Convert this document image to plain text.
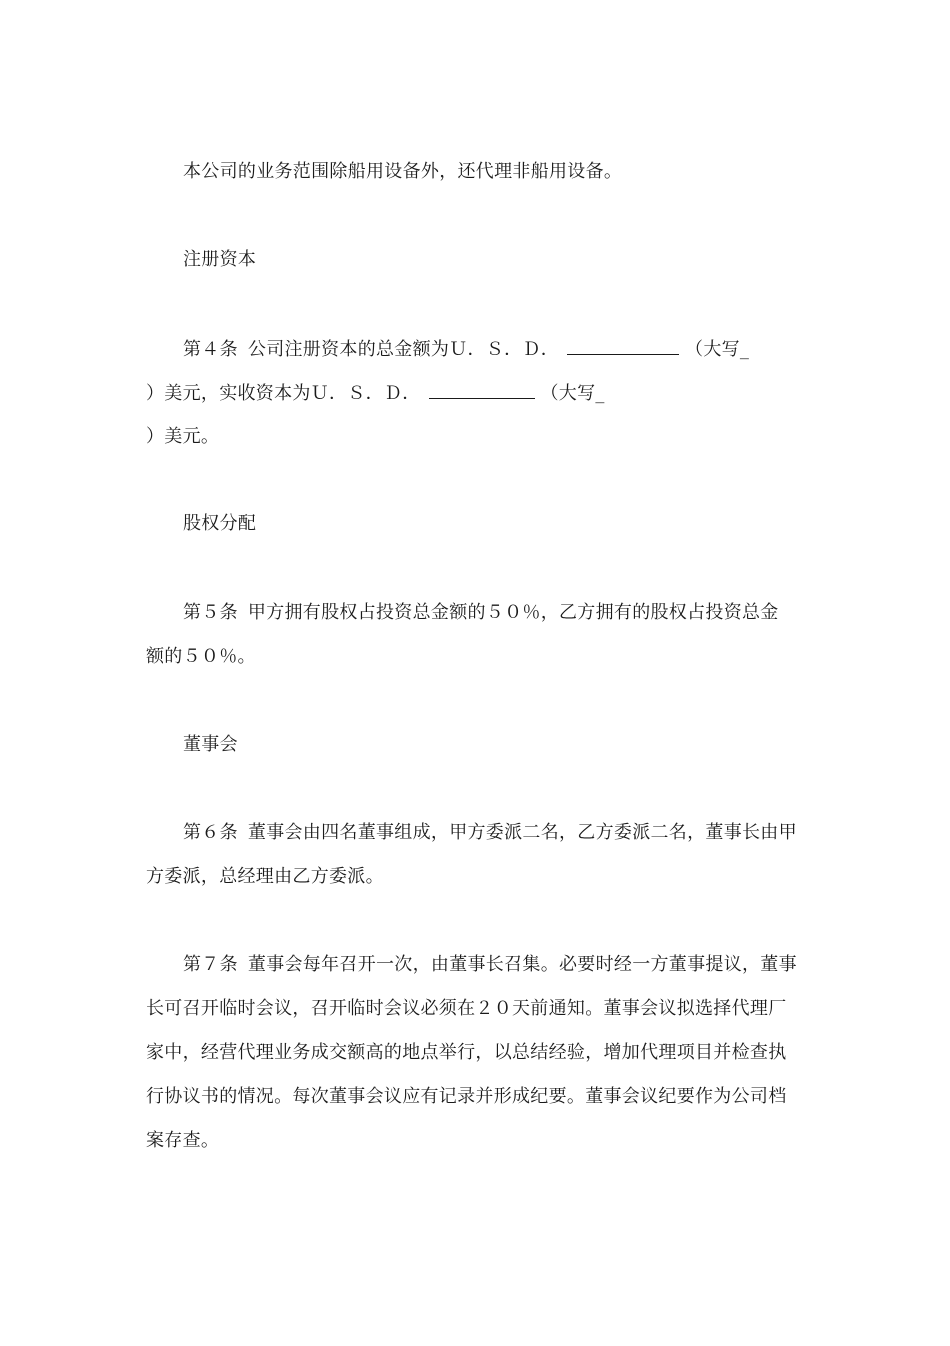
本公司的业务范围除船用设备外，还代理非船用设备。
注册资本
第４条 公司注册资本的总金额为Ｕ．Ｓ．Ｄ．	（大写_
）美元，实收资本为Ｕ．Ｓ．Ｄ．	（大写_
）美元。
股权分配
第５条 甲方拥有股权占投资总金额的５０％，乙方拥有的股权占投资总金
额的５０％。
董事会
第６条 董事会由四名董事组成，甲方委派二名，乙方委派二名，董事长由甲
方委派，总经理由乙方委派。
第７条 董事会每年召开一次，由董事长召集。必要时经一方董事提议，董事
长可召开临时会议，召开临时会议必须在２０天前通知。董事会议拟选择代理厂
家中，经营代理业务成交额高的地点举行，以总结经验，增加代理项目并检查执
行协议书的情况。每次董事会议应有记录并形成纪要。董事会议纪要作为公司档
案存查。
